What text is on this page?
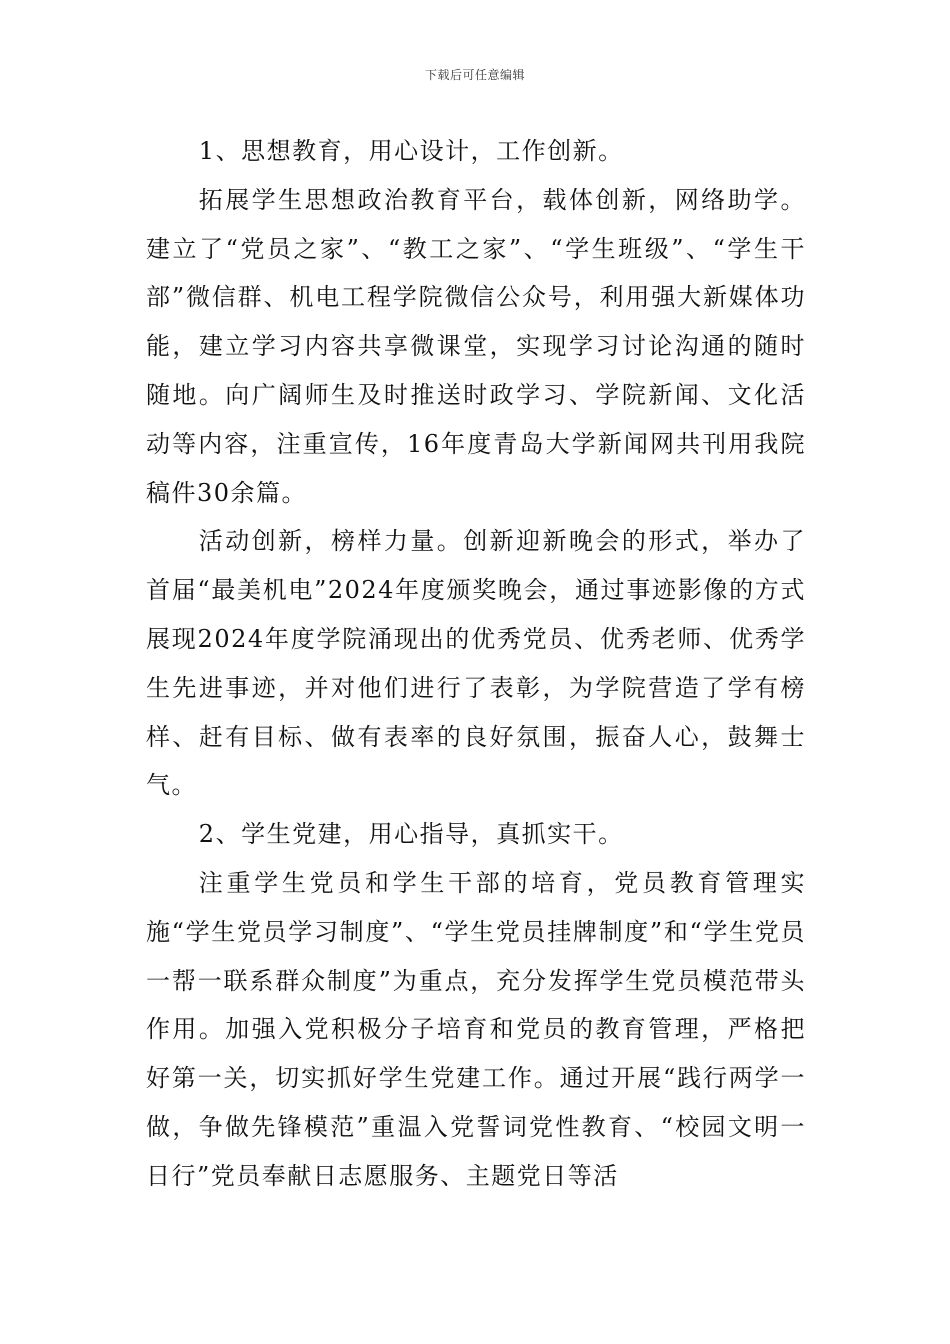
下载后可任意编辑

1、思想教育，用心设计，工作创新。

拓展学生思想政治教育平台，载体创新，网络助学。建立了“党员之家”、“教工之家”、“学生班级”、“学生干部”微信群、机电工程学院微信公众号，利用强大新媒体功能，建立学习内容共享微课堂，实现学习讨论沟通的随时随地。向广阔师生及时推送时政学习、学院新闻、文化活动等内容，注重宣传，16年度青岛大学新闻网共刊用我院稿件30余篇。

活动创新，榜样力量。创新迎新晚会的形式，举办了首届“最美机电”2024年度颁奖晚会，通过事迹影像的方式展现2024年度学院涌现出的优秀党员、优秀老师、优秀学生先进事迹，并对他们进行了表彰，为学院营造了学有榜样、赶有目标、做有表率的良好氛围，振奋人心，鼓舞士气。

2、学生党建，用心指导，真抓实干。

注重学生党员和学生干部的培育，党员教育管理实施“学生党员学习制度”、“学生党员挂牌制度”和“学生党员一帮一联系群众制度”为重点，充分发挥学生党员模范带头作用。加强入党积极分子培育和党员的教育管理，严格把好第一关，切实抓好学生党建工作。通过开展“践行两学一做，争做先锋模范”重温入党誓词党性教育、“校园文明一日行”党员奉献日志愿服务、主题党日等活
